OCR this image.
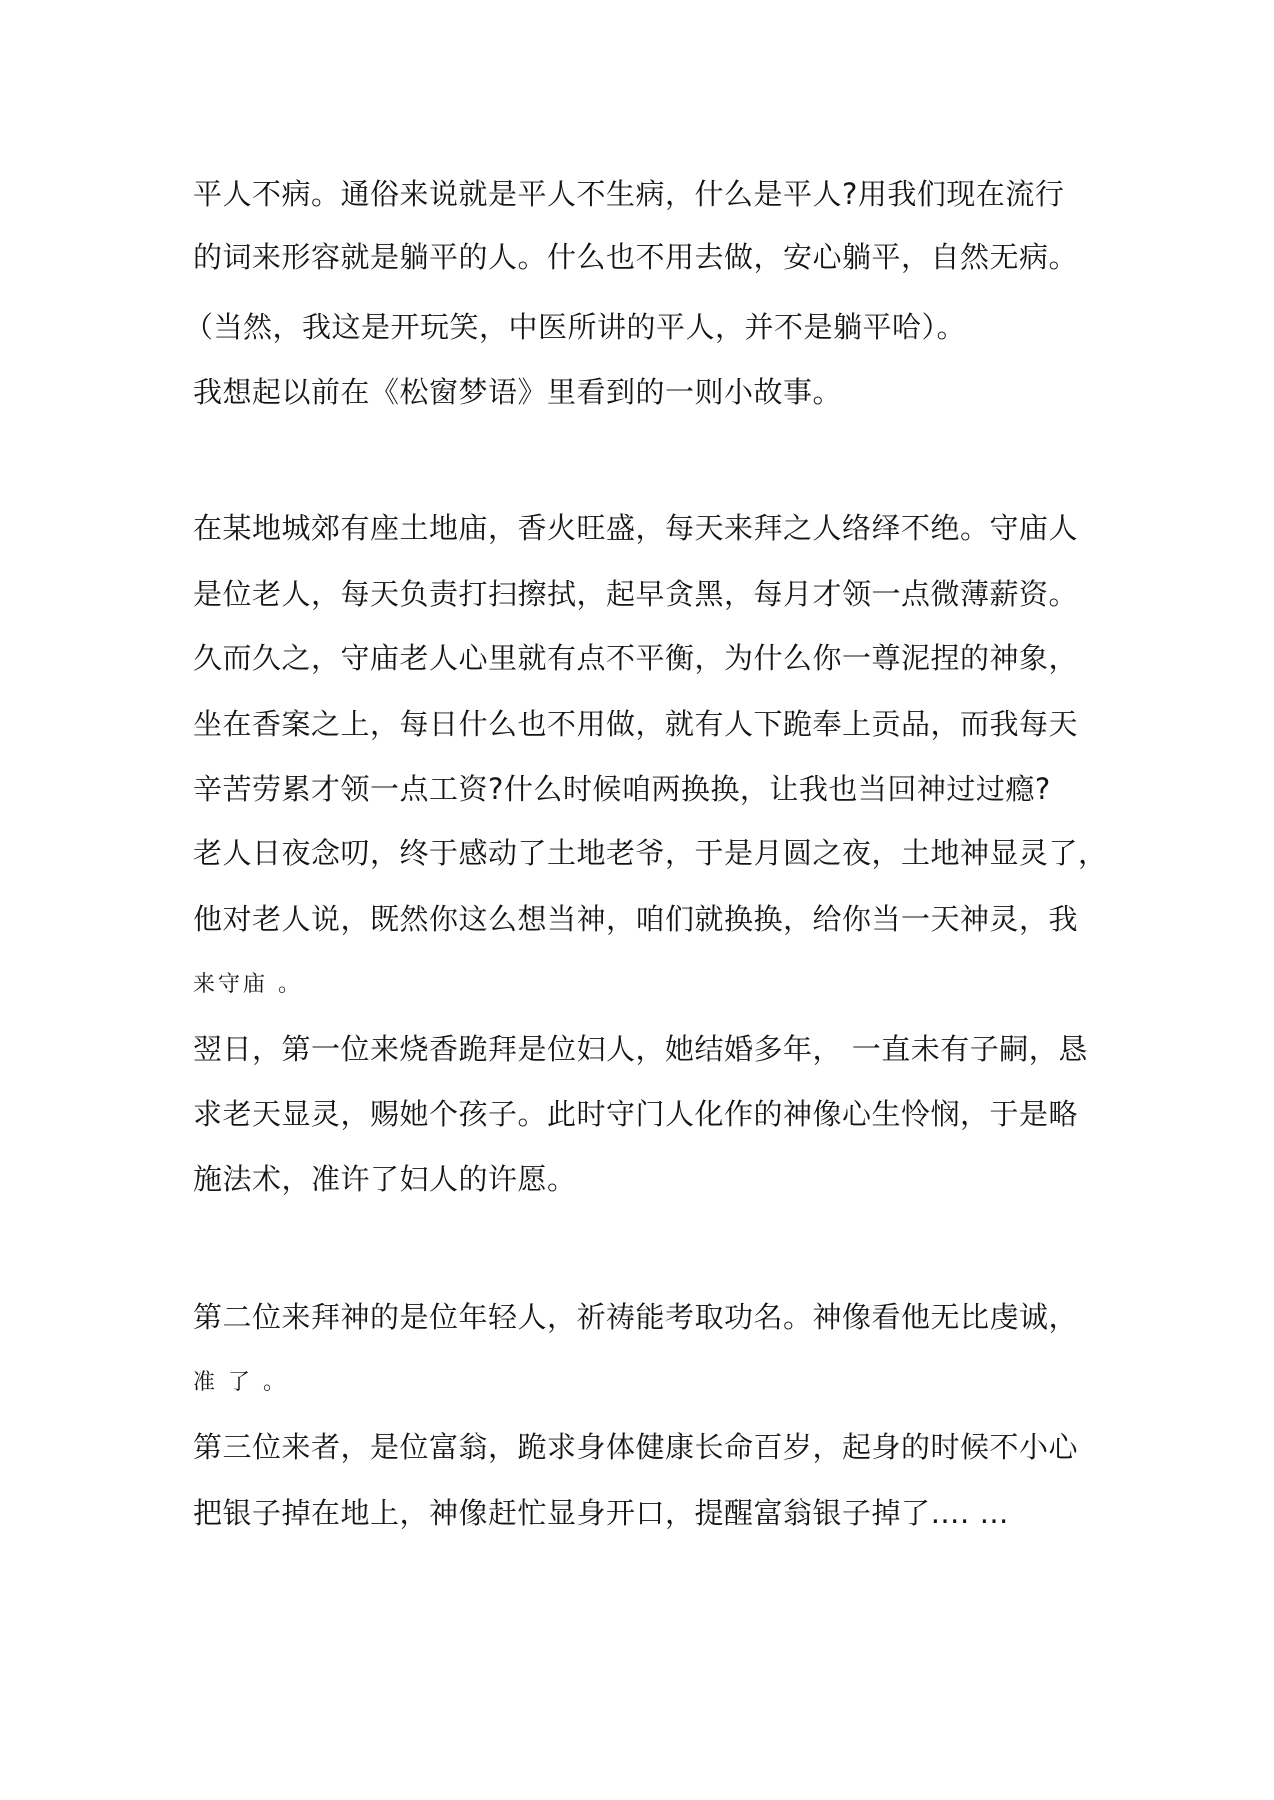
平人不病。通俗来说就是平人不生病，什么是平人?用我们现在流行
的词来形容就是躺平的人。什么也不用去做，安心躺平，自然无病。
（当然，我这是开玩笑，中医所讲的平人，并不是躺平哈）。
我想起以前在《松窗梦语》里看到的一则小故事。
在某地城郊有座土地庙，香火旺盛，每天来拜之人络绎不绝。守庙人
是位老人，每天负责打扫擦拭，起早贪黑，每月才领一点微薄薪资。
久而久之，守庙老人心里就有点不平衡，为什么你一尊泥捏的神象，
坐在香案之上，每日什么也不用做，就有人下跪奉上贡品，而我每天
辛苦劳累才领一点工资?什么时候咱两换换，让我也当回神过过瘾?
老人日夜念叨，终于感动了土地老爷，于是月圆之夜，土地神显灵了，
他对老人说，既然你这么想当神，咱们就换换，给你当一天神灵，我
来守庙 。
翌日，第一位来烧香跪拜是位妇人，她结婚多年， 一直未有子嗣，恳
求老天显灵，赐她个孩子。此时守门人化作的神像心生怜悯，于是略
施法术，准许了妇人的许愿。
第二位来拜神的是位年轻人，祈祷能考取功名。神像看他无比虔诚，
准 了 。
第三位来者，是位富翁，跪求身体健康长命百岁，起身的时候不小心
把银子掉在地上，神像赶忙显身开口，提醒富翁银子掉了…. …
